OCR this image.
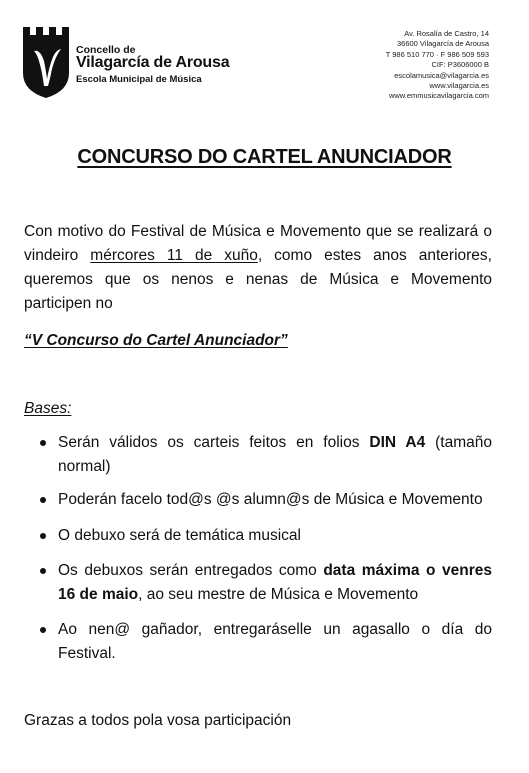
Concello de
Vilagarcía de Arousa
Escola Municipal de Música
Av. Rosalía de Castro, 14
36600 Vilagarcía de Arousa
T 986 510 770 · F 986 509 593
CIF: P3606000 B
escolamusica@vilagarcia.es
www.vilagarcia.es
www.emmusicavilagarcia.com
CONCURSO DO CARTEL ANUNCIADOR
Con motivo do Festival de Música e Movemento que se realizará o vindeiro mércores 11 de xuño, como estes anos anteriores, queremos que os nenos e nenas de Música e Movemento participen no
“V Concurso do Cartel Anunciador”
Bases:
Serán válidos os carteis feitos en folios DIN A4 (tamaño normal)
Poderán facelo tod@s @s alumn@s de Música e Movemento
O debuxo será de temática musical
Os debuxos serán entregados como data máxima o venres 16 de maio, ao seu mestre de Música e Movemento
Ao nen@ gañador, entregaráselle un agasallo o día do Festival.
Grazas a todos pola vosa participación
